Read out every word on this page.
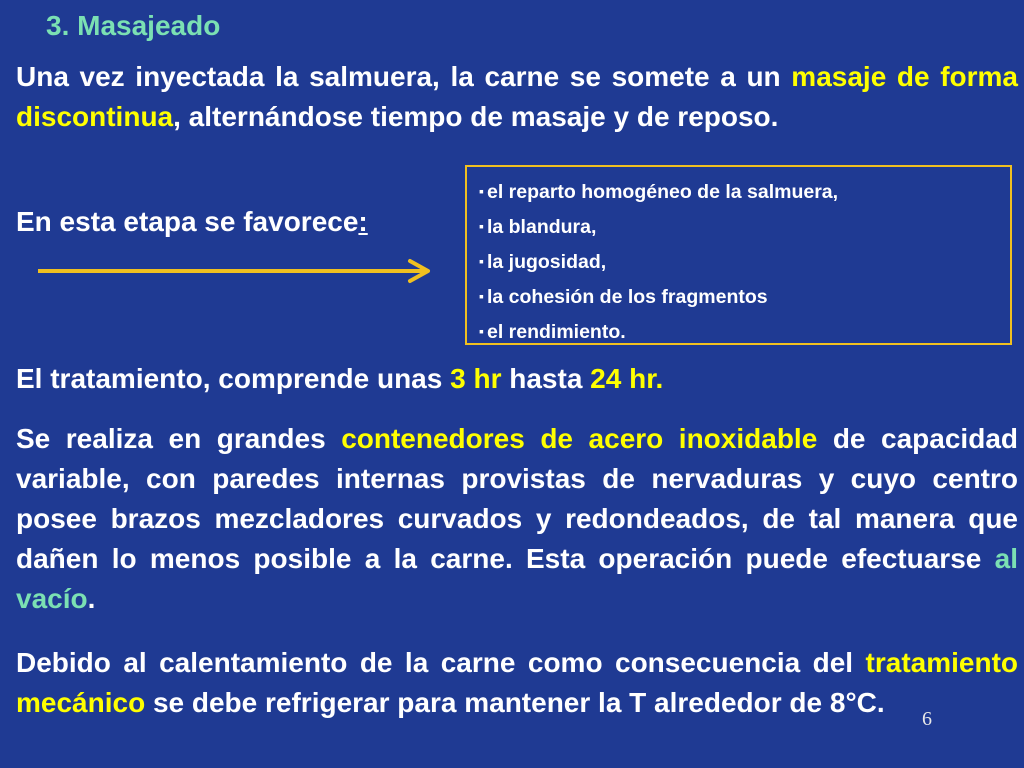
3. Masajeado
Una vez inyectada la salmuera, la carne se somete a un masaje de forma discontinua, alternándose tiempo de masaje y de reposo.
En esta etapa se favorece:
▪ el reparto homogéneo de la salmuera,
▪ la blandura,
▪ la jugosidad,
▪ la cohesión de los fragmentos
▪ el rendimiento.
El tratamiento, comprende unas 3 hr hasta 24 hr.
Se realiza en grandes contenedores de acero inoxidable de capacidad variable, con paredes internas provistas de nervaduras y cuyo centro posee brazos mezcladores curvados y redondeados, de tal manera que dañen lo menos posible a la carne. Esta operación puede efectuarse al vacío.
Debido al calentamiento de la carne como consecuencia del tratamiento mecánico se debe refrigerar para mantener la T alrededor de 8°C.
6
